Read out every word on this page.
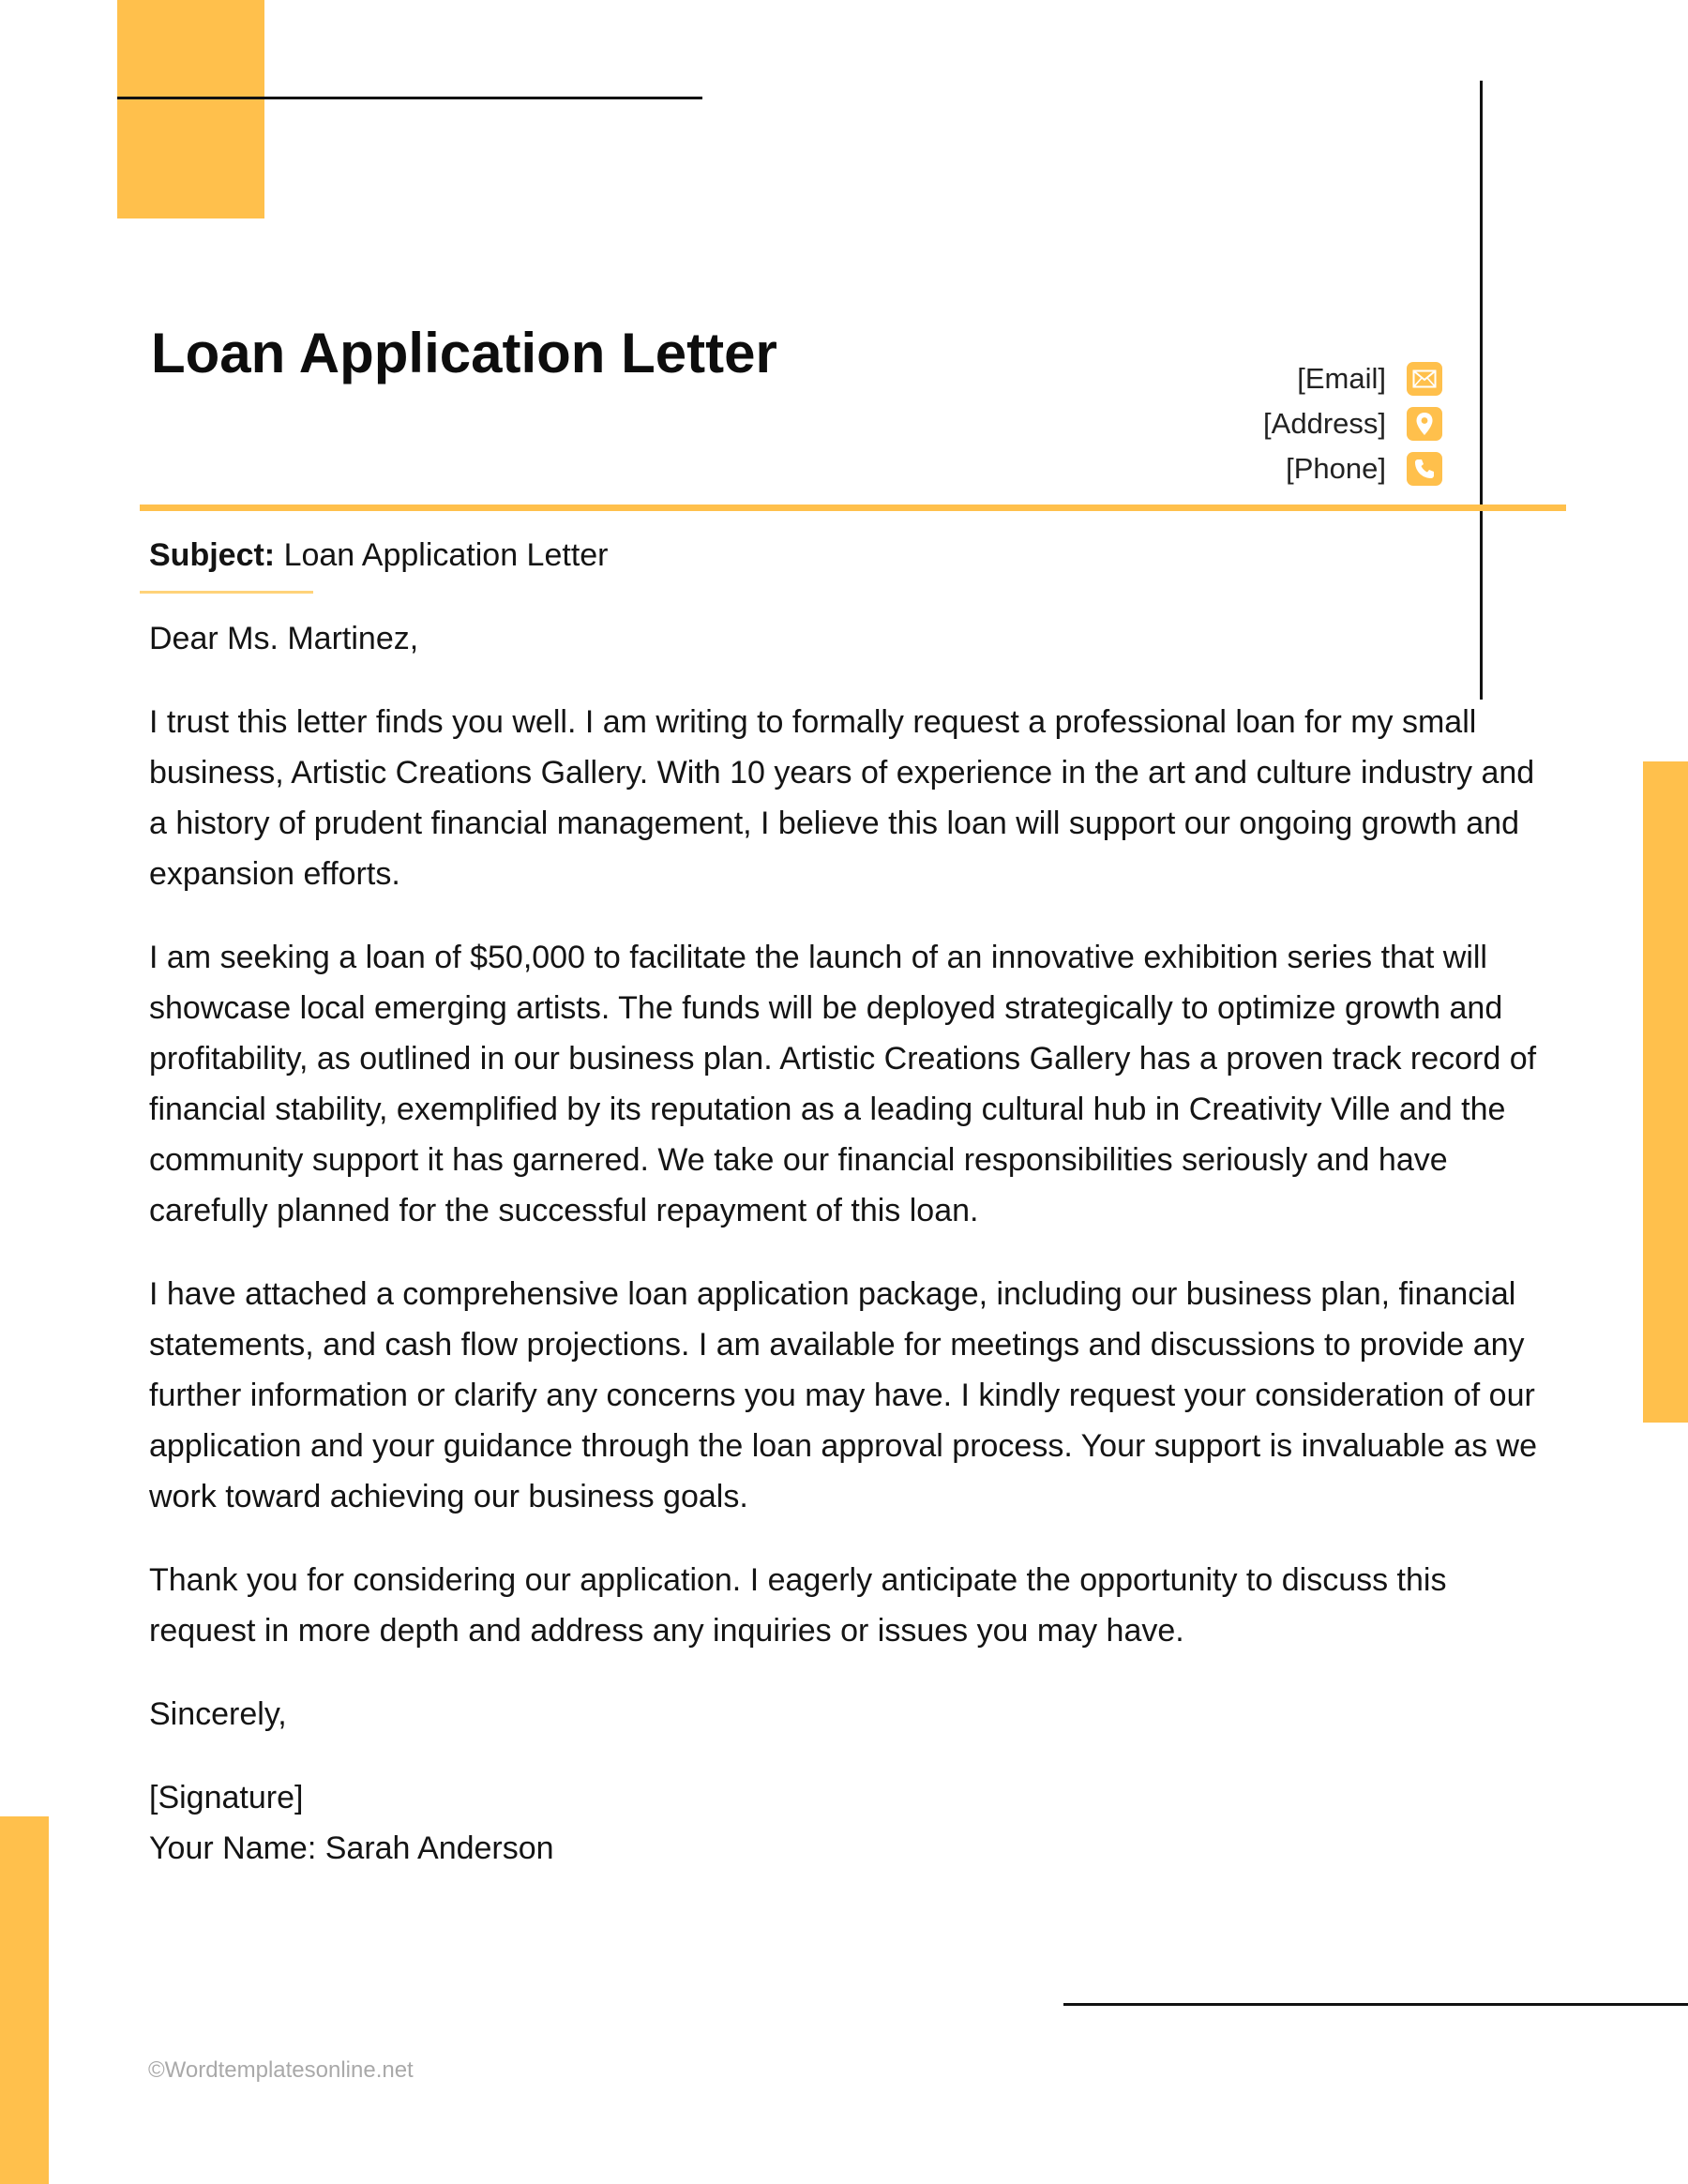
Loan Application Letter	[Email]
[Address]
[Phone]

Subject: Loan Application Letter

Dear Ms. Martinez,

I trust this letter finds you well. I am writing to formally request a professional loan for my small business, Artistic Creations Gallery. With 10 years of experience in the art and culture industry and a history of prudent financial management, I believe this loan will support our ongoing growth and expansion efforts.

I am seeking a loan of $50,000 to facilitate the launch of an innovative exhibition series that will showcase local emerging artists. The funds will be deployed strategically to optimize growth and profitability, as outlined in our business plan. Artistic Creations Gallery has a proven track record of financial stability, exemplified by its reputation as a leading cultural hub in Creativity Ville and the community support it has garnered. We take our financial responsibilities seriously and have carefully planned for the successful repayment of this loan.

I have attached a comprehensive loan application package, including our business plan, financial statements, and cash flow projections. I am available for meetings and discussions to provide any further information or clarify any concerns you may have. I kindly request your consideration of our application and your guidance through the loan approval process. Your support is invaluable as we work toward achieving our business goals.

Thank you for considering our application. I eagerly anticipate the opportunity to discuss this request in more depth and address any inquiries or issues you may have.

Sincerely,

[Signature]

Your Name: Sarah Anderson

©Wordtemplatesonline.net
